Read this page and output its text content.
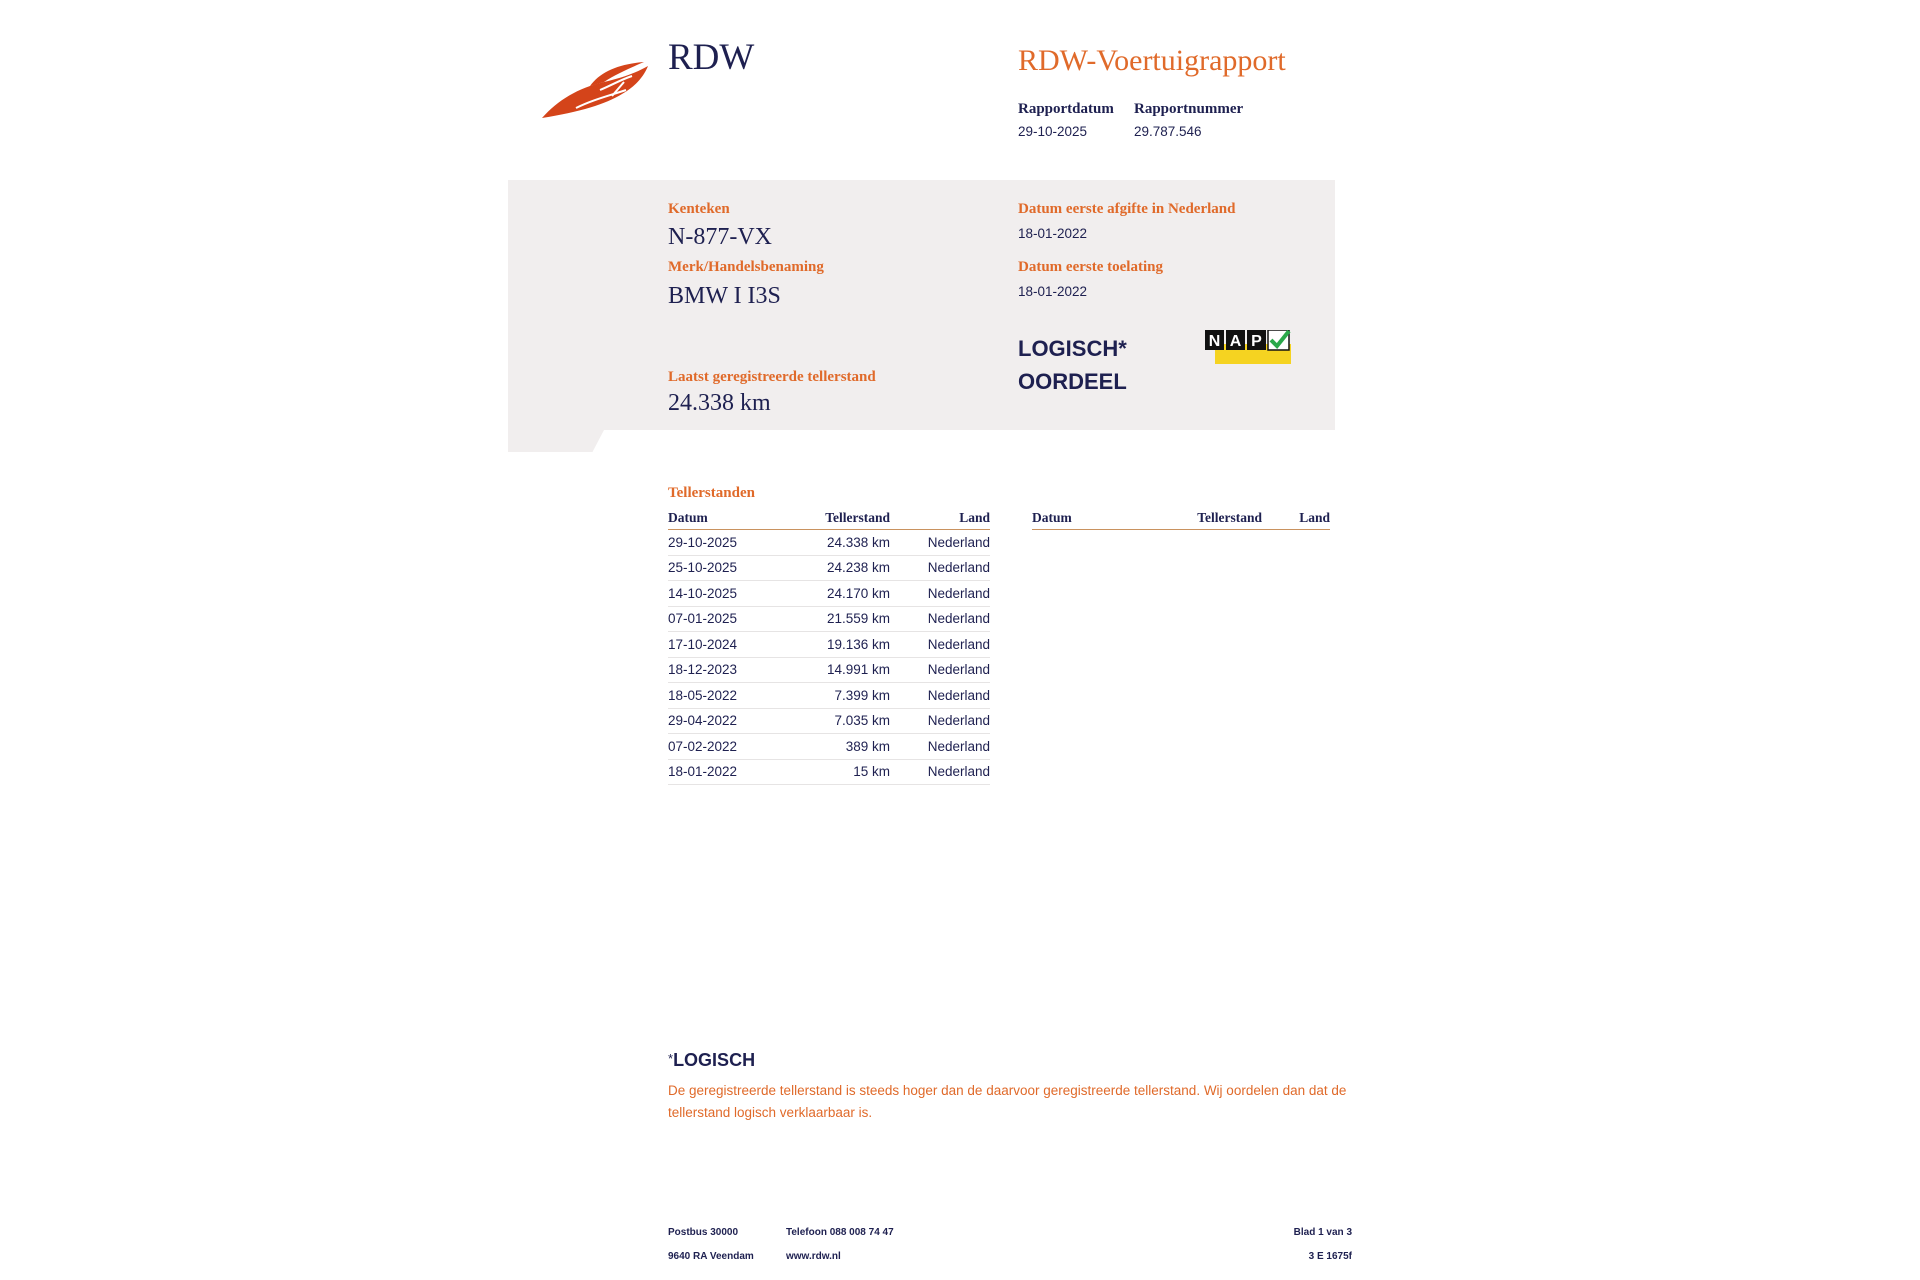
RDW	RDW-Voertuigrapport
Rapportdatum
29-10-2025
Rapportnummer
29.787.546
Kenteken
N-877-VX
Merk/Handelsbenaming
BMW I I3S
Laatst geregistreerde tellerstand
24.338 km
Datum eerste afgifte in Nederland
18-01-2022
Datum eerste toelating
18-01-2022
LOGISCH*
OORDEEL
N A P
Tellerstanden
Datum	Tellerstand	Land
29-10-2025	24.338 km	Nederland
25-10-2025	24.238 km	Nederland
14-10-2025	24.170 km	Nederland
07-01-2025	21.559 km	Nederland
17-10-2024	19.136 km	Nederland
18-12-2023	14.991 km	Nederland
18-05-2022	7.399 km	Nederland
29-04-2022	7.035 km	Nederland
07-02-2022	389 km	Nederland
18-01-2022	15 km	Nederland
Datum	Tellerstand	Land
*LOGISCH
De geregistreerde tellerstand is steeds hoger dan de daarvoor geregistreerde tellerstand. Wij oordelen dan dat de tellerstand logisch verklaarbaar is.
Postbus 30000
9640 RA Veendam
Telefoon 088 008 74 47
www.rdw.nl
Blad 1 van 3
3 E 1675f
